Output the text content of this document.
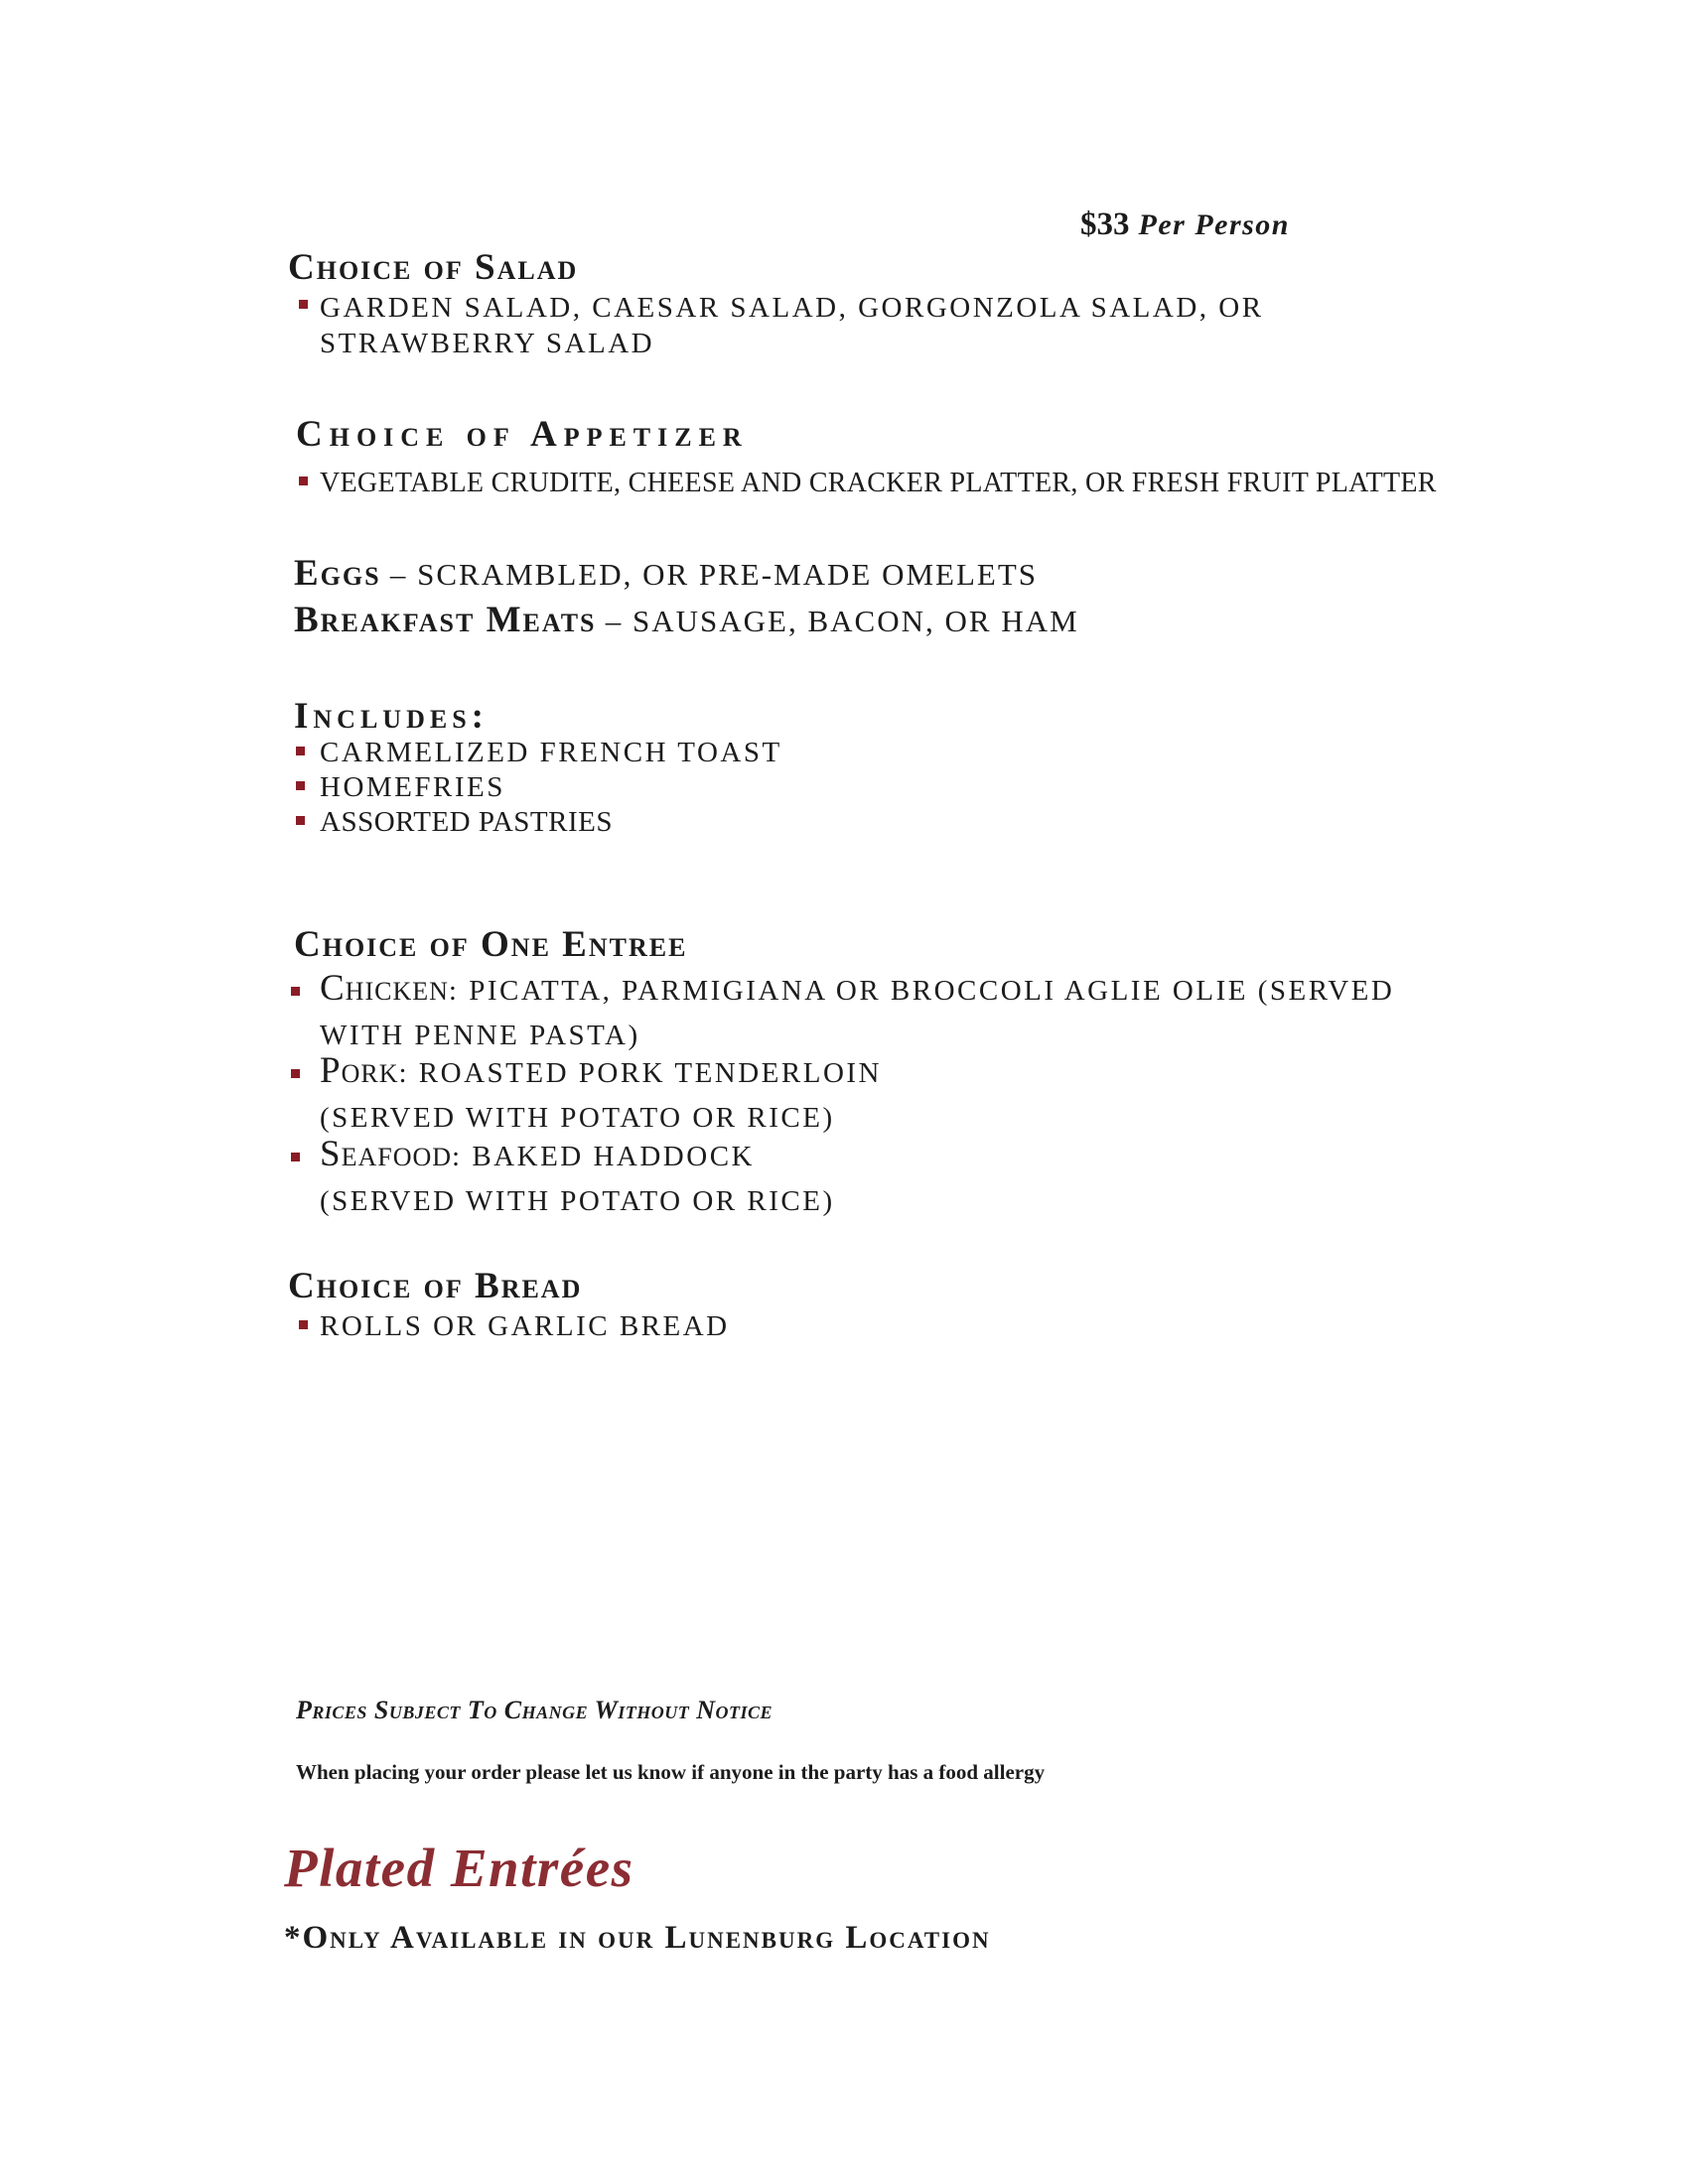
$33 Per Person
Choice of Salad
GARDEN SALAD, CAESAR SALAD, GORGONZOLA SALAD, OR STRAWBERRY SALAD
Choice of Appetizer
VEGETABLE CRUDITE, CHEESE AND CRACKER PLATTER, OR FRESH FRUIT PLATTER
Eggs – SCRAMBLED, OR PRE-MADE OMELETS
Breakfast Meats – SAUSAGE, BACON, OR HAM
Includes:
CARMELIZED FRENCH TOAST
HOMEFRIES
ASSORTED PASTRIES
Choice of One Entree
Chicken: PICATTA, PARMIGIANA OR BROCCOLI AGLIE OLIE (SERVED WITH PENNE PASTA)
Pork: ROASTED PORK TENDERLOIN (SERVED WITH POTATO OR RICE)
Seafood: BAKED HADDOCK (SERVED WITH POTATO OR RICE)
Choice of Bread
ROLLS OR GARLIC BREAD
Prices Subject To Change Without Notice
When placing your order please let us know if anyone in the party has a food allergy
Plated Entrées
*Only Available in our Lunenburg Location
